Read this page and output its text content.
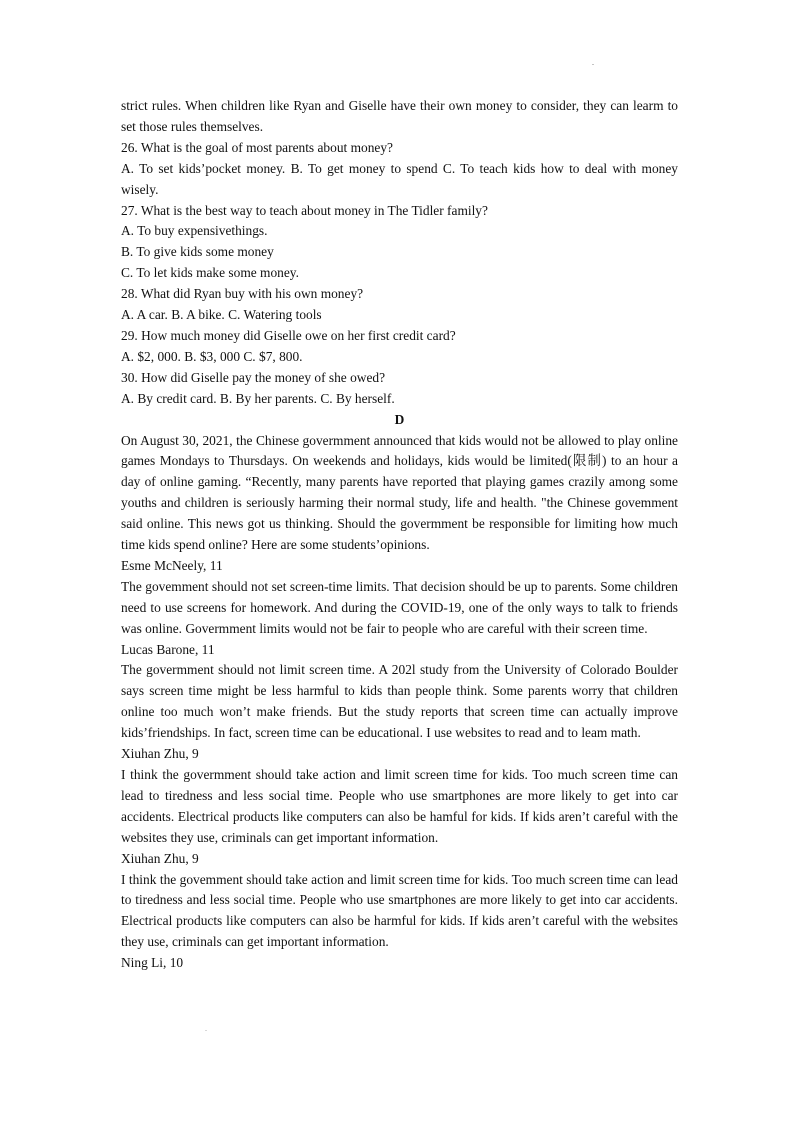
.

strict rules. When children like Ryan and Giselle have their own money to consider, they can learm to set those rules themselves.

26. What is the goal of most parents about money?

A. To set kids’pocket money. B. To get money to spend C. To teach kids how to deal with money wisely.

27. What is the best way to teach about money in The Tidler family?

A. To buy expensivethings.

B. To give kids some money

C. To let kids make some money.

28. What did Ryan buy with his own money?

A. A car. B. A bike. C. Watering tools

29. How much money did Giselle owe on her first credit card?

A. $2, 000. B. $3, 000 C. $7, 800.

30. How did Giselle pay the money of she owed?

A. By credit card. B. By her parents. C. By herself.

D

On August 30, 2021, the Chinese govermment announced that kids would not be allowed to play online games Mondays to Thursdays. On weekends and holidays, kids would be limited(限制) to an hour a day of online gaming. “Recently, many parents have reported that playing games crazily among some youths and children is seriously harming their normal study, life and health. "the Chinese govemment said online. This news got us thinking. Should the govermment be responsible for limiting how much time kids spend online? Here are some students’opinions.

Esme McNeely, 11

The govemment should not set screen-time limits. That decision should be up to parents. Some children need to use screens for homework. And during the COVID-19, one of the only ways to talk to friends was online. Govermment limits would not be fair to people who are careful with their screen time.

Lucas Barone, 11

The govermment should not limit screen time. A 202l study from the University of Colorado Boulder says screen time might be less harmful to kids than people think. Some parents worry that children online too much won’t make friends. But the study reports that screen time can actually improve kids’friendships. In fact, screen time can be educational. I use websites to read and to leam math.

Xiuhan Zhu, 9

I think the govermment should take action and limit screen time for kids. Too much screen time can lead to tiredness and less social time. People who use smartphones are more likely to get into car accidents. Electrical products like computers can also be hamful for kids. If kids aren’t careful with the websites they use, criminals can get important information.

Xiuhan Zhu, 9

I think the govemment should take action and limit screen time for kids. Too much screen time can lead to tiredness and less social time. People who use smartphones are more likely to get into car accidents. Electrical products like computers can also be harmful for kids. If kids aren’t careful with the websites they use, criminals can get important information.

Ning Li, 10

.
